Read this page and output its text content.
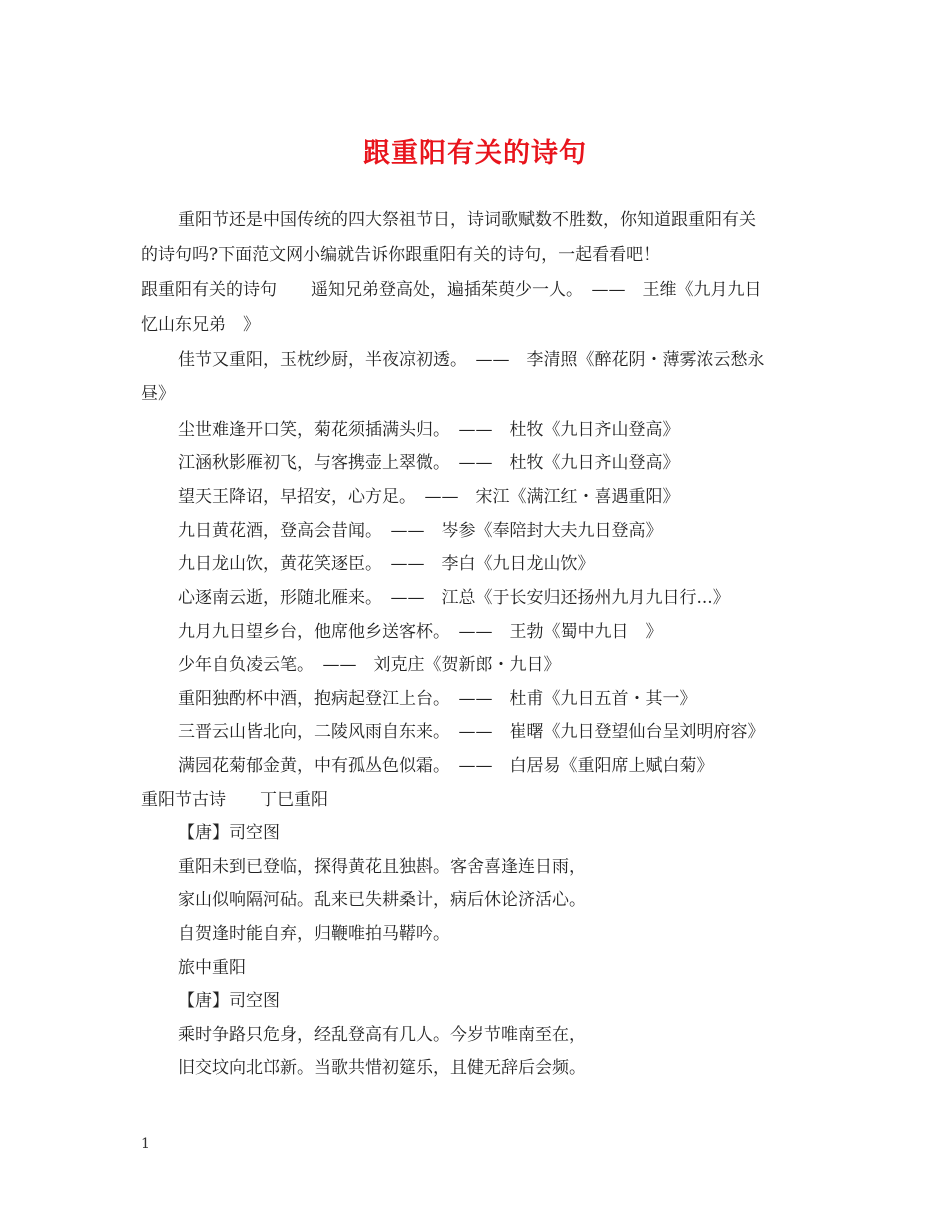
跟重阳有关的诗句
重阳节还是中国传统的四大祭祖节日，诗词歌赋数不胜数，你知道跟重阳有关
的诗句吗?下面范文网小编就告诉你跟重阳有关的诗句，一起看看吧！
跟重阳有关的诗句　　遥知兄弟登高处，遍插茱萸少一人。　——　王维《九月九日
忆山东兄弟　》
佳节又重阳，玉枕纱厨，半夜凉初透。　——　李清照《醉花阴・薄雾浓云愁永
昼》
尘世难逢开口笑，菊花须插满头归。　——　杜牧《九日齐山登高》
江涵秋影雁初飞，与客携壶上翠微。　——　杜牧《九日齐山登高》
望天王降诏，早招安，心方足。　——　宋江《满江红・喜遇重阳》
九日黄花酒，登高会昔闻。　——　岑参《奉陪封大夫九日登高》
九日龙山饮，黄花笑逐臣。　——　李白《九日龙山饮》
心逐南云逝，形随北雁来。　——　江总《于长安归还扬州九月九日行...》
九月九日望乡台，他席他乡送客杯。　——　王勃《蜀中九日　》
少年自负凌云笔。　——　刘克庄《贺新郎・九日》
重阳独酌杯中酒，抱病起登江上台。　——　杜甫《九日五首・其一》
三晋云山皆北向，二陵风雨自东来。　——　崔曙《九日登望仙台呈刘明府容》
满园花菊郁金黄，中有孤丛色似霜。　——　白居易《重阳席上赋白菊》
重阳节古诗　　丁巳重阳
【唐】司空图
重阳未到已登临，探得黄花且独斟。客舍喜逢连日雨，
家山似响隔河砧。乱来已失耕桑计，病后休论济活心。
自贺逢时能自弃，归鞭唯拍马鞯吟。
旅中重阳
【唐】司空图
乘时争路只危身，经乱登高有几人。今岁节唯南至在，
旧交坟向北邙新。当歌共惜初筵乐，且健无辞后会频。
1
